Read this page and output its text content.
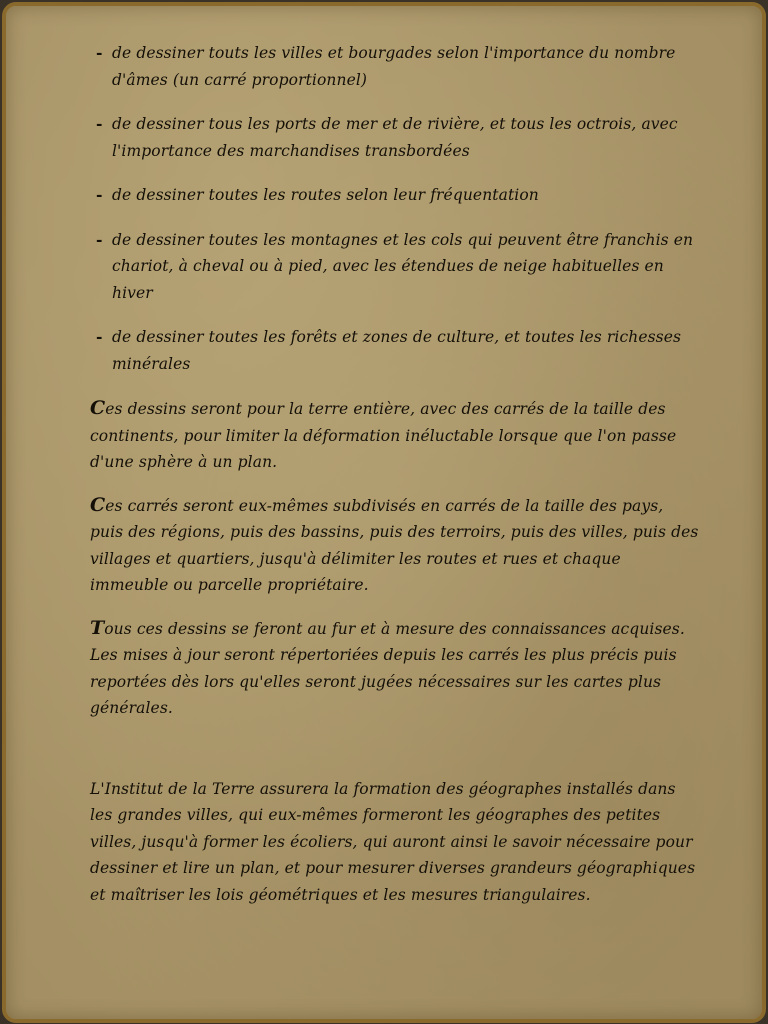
- de dessiner touts les villes et bourgades selon l'importance du nombre d'âmes (un carré proportionnel)
- de dessiner tous les ports de mer et de rivière, et tous les octrois, avec l'importance des marchandises transbordées
- de dessiner toutes les routes selon leur fréquentation
- de dessiner toutes les montagnes et les cols qui peuvent être franchis en chariot, à cheval ou à pied, avec les étendues de neige habituelles en hiver
- de dessiner toutes les forêts et zones de culture, et toutes les richesses minérales

Ces dessins seront pour la terre entière, avec des carrés de la taille des continents, pour limiter la déformation inéluctable lorsque que l'on passe d'une sphère à un plan.

Ces carrés seront eux-mêmes subdivisés en carrés de la taille des pays, puis des régions, puis des bassins, puis des terroirs, puis des villes, puis des villages et quartiers, jusqu'à délimiter les routes et rues et chaque immeuble ou parcelle propriétaire.

Tous ces dessins se feront au fur et à mesure des connaissances acquises. Les mises à jour seront répertoriées depuis les carrés les plus précis puis reportées dès lors qu'elles seront jugées nécessaires sur les cartes plus générales.

L'Institut de la Terre assurera la formation des géographes installés dans les grandes villes, qui eux-mêmes formeront les géographes des petites villes, jusqu'à former les écoliers, qui auront ainsi le savoir nécessaire pour dessiner et lire un plan, et pour mesurer diverses grandeurs géographiques et maîtriser les lois géométriques et les mesures triangulaires.
